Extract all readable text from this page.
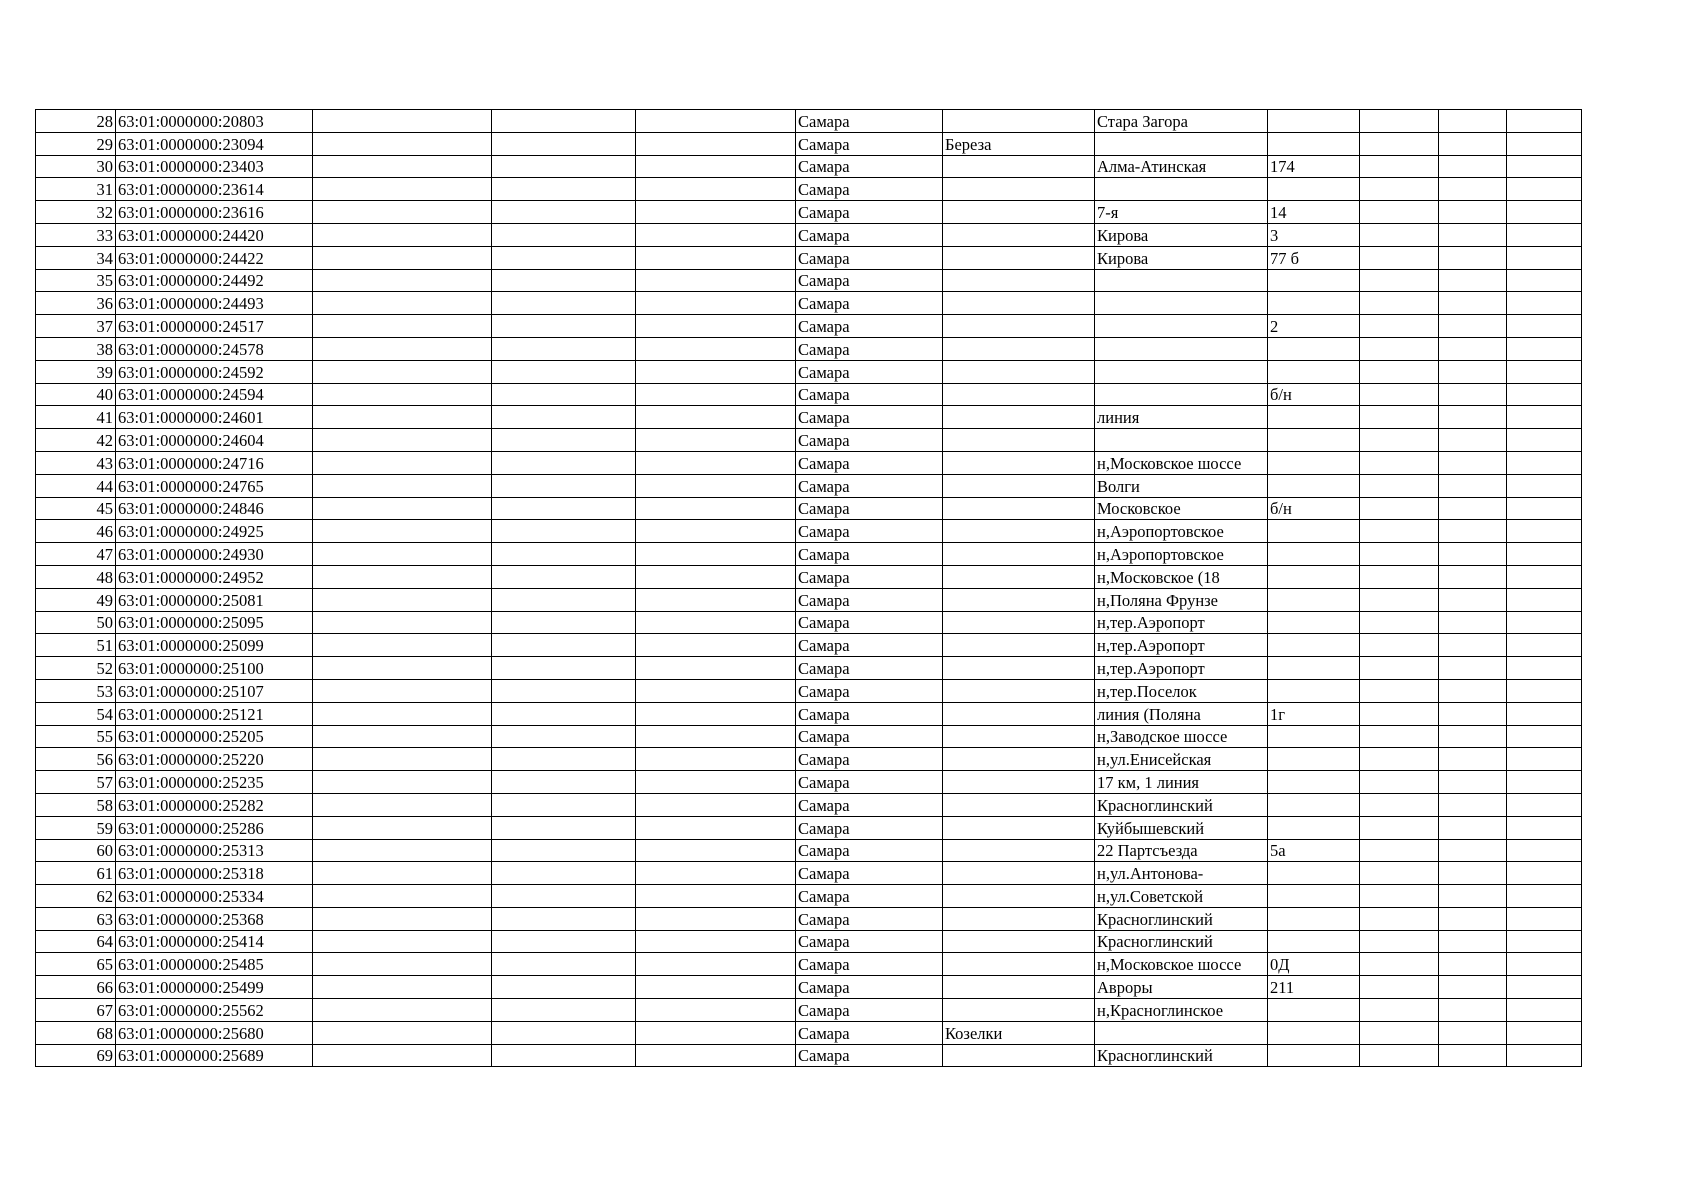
28	63:01:0000000:20803				Самара		Стара Загора				
29	63:01:0000000:23094				Самара	Береза					
30	63:01:0000000:23403				Самара		Алма-Атинская	174			
31	63:01:0000000:23614				Самара						
32	63:01:0000000:23616				Самара		7-я	14			
33	63:01:0000000:24420				Самара		Кирова	3			
34	63:01:0000000:24422				Самара		Кирова	77 б			
35	63:01:0000000:24492				Самара						
36	63:01:0000000:24493				Самара						
37	63:01:0000000:24517				Самара			2			
38	63:01:0000000:24578				Самара						
39	63:01:0000000:24592				Самара						
40	63:01:0000000:24594				Самара			б/н			
41	63:01:0000000:24601				Самара		линия				
42	63:01:0000000:24604				Самара						
43	63:01:0000000:24716				Самара		н,Московское шоссе				
44	63:01:0000000:24765				Самара		Волги				
45	63:01:0000000:24846				Самара		Московское	б/н			
46	63:01:0000000:24925				Самара		н,Аэропортовское				
47	63:01:0000000:24930				Самара		н,Аэропортовское				
48	63:01:0000000:24952				Самара		н,Московское (18				
49	63:01:0000000:25081				Самара		н,Поляна Фрунзе				
50	63:01:0000000:25095				Самара		н,тер.Аэропорт				
51	63:01:0000000:25099				Самара		н,тер.Аэропорт				
52	63:01:0000000:25100				Самара		н,тер.Аэропорт				
53	63:01:0000000:25107				Самара		н,тер.Поселок				
54	63:01:0000000:25121				Самара		линия (Поляна	1г			
55	63:01:0000000:25205				Самара		н,Заводское шоссе				
56	63:01:0000000:25220				Самара		н,ул.Енисейская				
57	63:01:0000000:25235				Самара		17 км, 1 линия				
58	63:01:0000000:25282				Самара		Красноглинский				
59	63:01:0000000:25286				Самара		Куйбышевский				
60	63:01:0000000:25313				Самара		22 Партсъезда	5а			
61	63:01:0000000:25318				Самара		н,ул.Антонова-				
62	63:01:0000000:25334				Самара		н,ул.Советской				
63	63:01:0000000:25368				Самара		Красноглинский				
64	63:01:0000000:25414				Самара		Красноглинский				
65	63:01:0000000:25485				Самара		н,Московское шоссе	0Д			
66	63:01:0000000:25499				Самара		Авроры	211			
67	63:01:0000000:25562				Самара		н,Красноглинское				
68	63:01:0000000:25680				Самара	Козелки					
69	63:01:0000000:25689				Самара		Красноглинский				
